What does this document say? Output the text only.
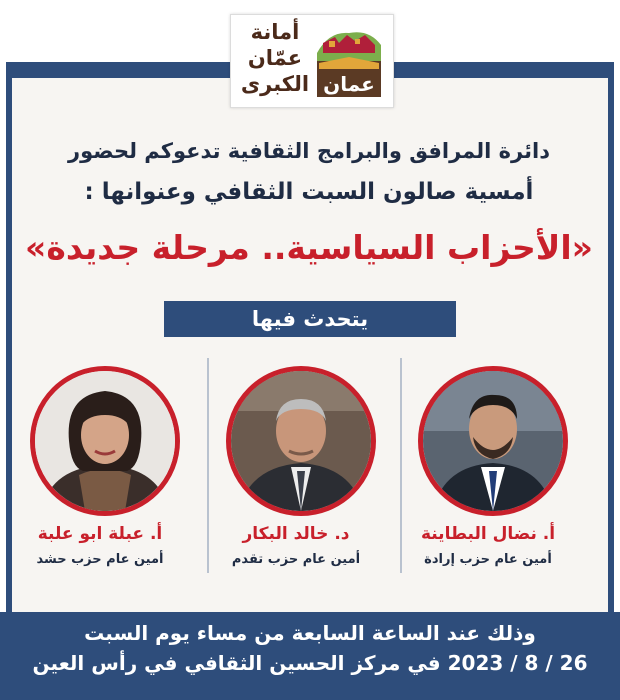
أمانة
عمّان
الكبرى عمان
دائرة المرافق والبرامج الثقافية تدعوكم لحضور
أمسية صالون السبت الثقافي وعنوانها :
«الأحزاب السياسية.. مرحلة جديدة»
يتحدث فيها
أ. نضال البطاينة
أمين عام حزب إرادة
د. خالد البكار
أمين عام حزب تقدم
أ. عبلة ابو علبة
أمين عام حزب حشد
وذلك عند الساعة السابعة من مساء يوم السبت
26 / 8 / 2023 في مركز الحسين الثقافي في رأس العين
